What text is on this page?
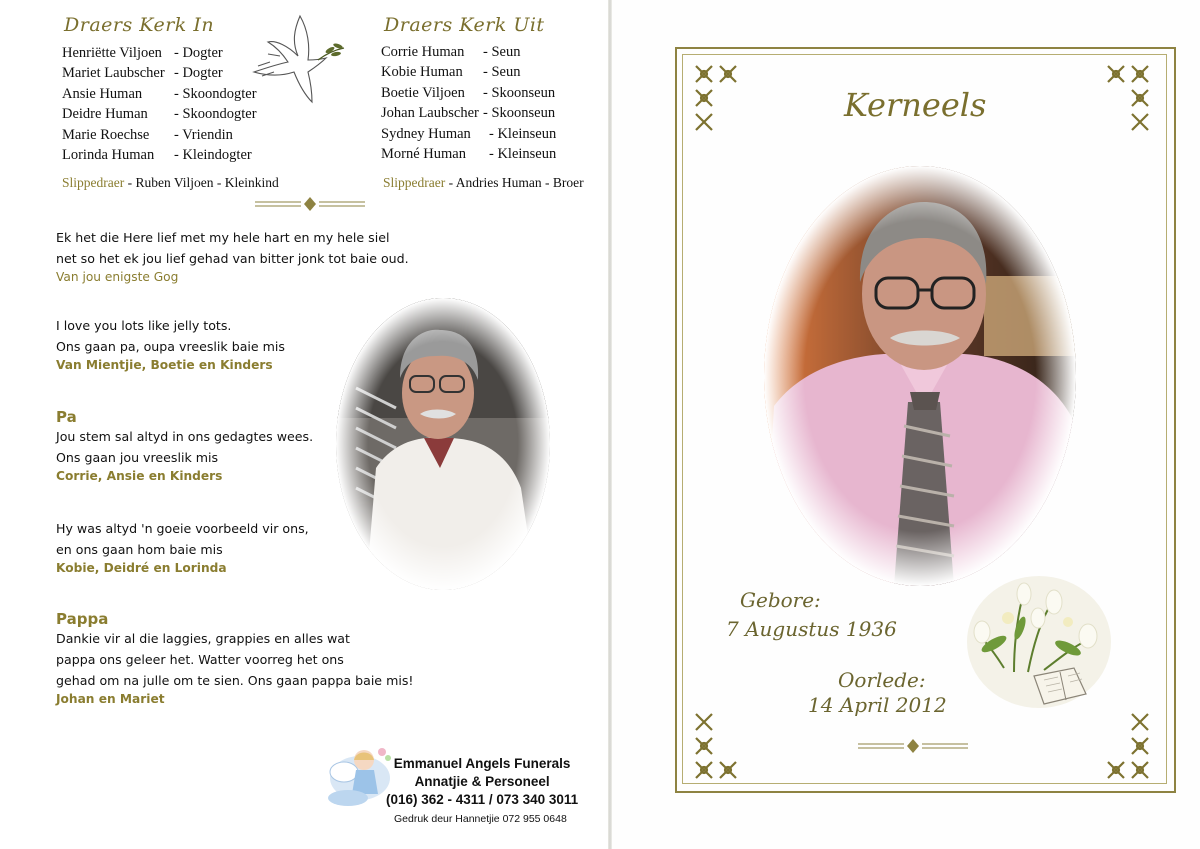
Draers Kerk In
Henriëtte Viljoen - Dogter
Mariet Laubscher - Dogter
Ansie Human	- Skoondogter
Deidre Human	- Skoondogter
Marie Roechse	- Vriendin
Lorinda Human	- Kleindogter
Slippedraer - Ruben Viljoen - Kleinkind
Draers Kerk Uit
Corrie Human	- Seun
Kobie Human	- Seun
Boetie Viljoen	- Skoonseun
Johan Laubscher - Skoonseun
Sydney Human	- Kleinseun
Morné Human	- Kleinseun
Slippedraer - Andries Human - Broer
Ek het die Here lief met my hele hart en my hele siel
net so het ek jou lief gehad van bitter jonk tot baie oud.
Van jou enigste Gog
I love you lots like jelly tots.
Ons gaan pa, oupa vreeslik baie mis
Van Mientjie, Boetie en Kinders
Pa
Jou stem sal altyd in ons gedagtes wees.
Ons gaan jou vreeslik mis
Corrie, Ansie en Kinders
Hy was altyd 'n goeie voorbeeld vir ons,
en ons gaan hom baie mis
Kobie, Deidré en Lorinda
Pappa
Dankie vir al die laggies, grappies en alles wat
pappa ons geleer het. Watter voorreg het ons
gehad om na julle om te sien. Ons gaan pappa baie mis!
Johan en Mariet
Emmanuel Angels Funerals
Annatjie & Personeel
(016) 362 - 4311 / 073 340 3011
Gedruk deur Hannetjie 072 955 0648
Kerneels
Gebore:
7 Augustus 1936
Oorlede:
14 April 2012
